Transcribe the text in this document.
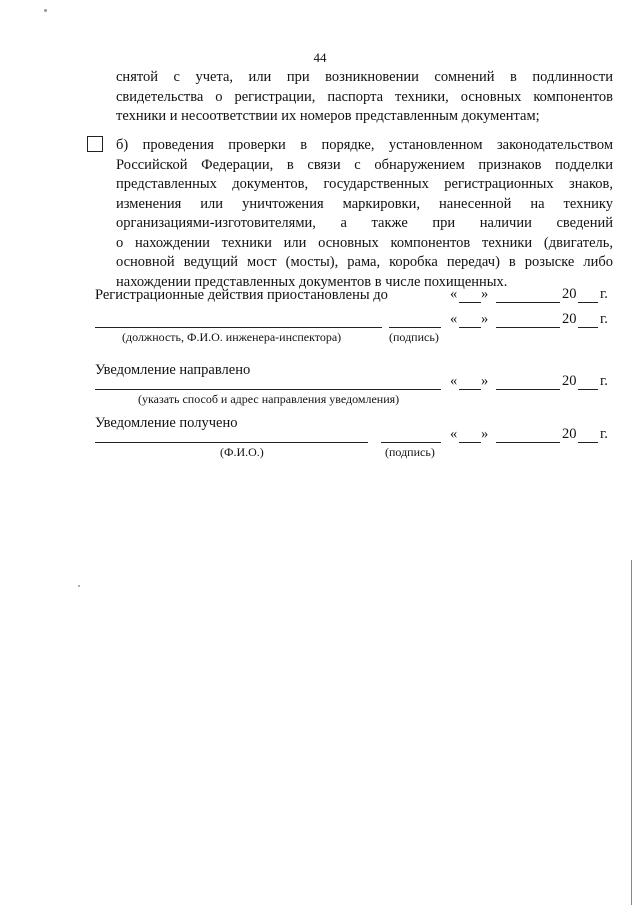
44
снятой с учета, или при возникновении сомнений в подлинности
свидетельства о регистрации, паспорта техники, основных компонентов
техники и несоответствии их номеров представленным документам;
б) проведения проверки в порядке, установленном законодательством
Российской Федерации, в связи с обнаружением признаков подделки
представленных документов, государственных регистрационных знаков,
изменения или уничтожения маркировки, нанесенной на технику
организациями-изготовителями, а также при наличии сведений
о нахождении техники или основных компонентов техники (двигатель,
основной ведущий мост (мосты), рама, коробка передач) в розыске либо
нахождении представленных документов в числе похищенных.
Регистрационные действия приостановлены до	« »	20 г.
« »	20 г.
(должность, Ф.И.О. инженера-инспектора)	(подпись)
Уведомление направлено
« »	20 г.
(указать способ и адрес направления уведомления)
Уведомление получено
« »	20 г.
(Ф.И.О.)	(подпись)
